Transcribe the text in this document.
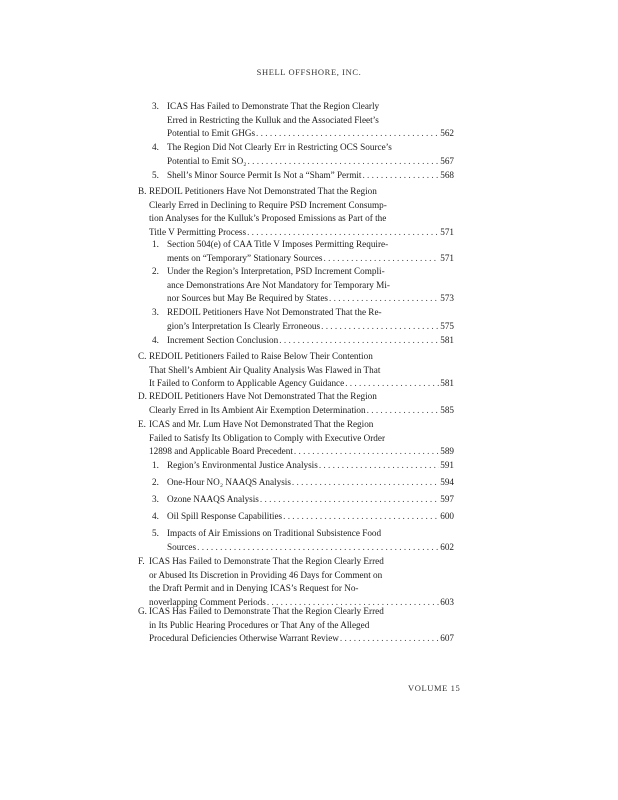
SHELL OFFSHORE, INC.
3. ICAS Has Failed to Demonstrate That the Region Clearly
Erred in Restricting the Kulluk and the Associated Fleet’s
Potential to Emit GHGs . . .	562
4. The Region Did Not Clearly Err in Restricting OCS Source’s
Potential to Emit SO₂ . . .	567
5. Shell’s Minor Source Permit Is Not a “Sham” Permit . . .	568
B. REDOIL Petitioners Have Not Demonstrated That the Region
Clearly Erred in Declining to Require PSD Increment Consump-
tion Analyses for the Kulluk’s Proposed Emissions as Part of the
Title V Permitting Process . . .	571
1. Section 504(e) of CAA Title V Imposes Permitting Require-
ments on “Temporary” Stationary Sources . . .	571
2. Under the Region’s Interpretation, PSD Increment Compli-
ance Demonstrations Are Not Mandatory for Temporary Mi-
nor Sources but May Be Required by States . . .	573
3. REDOIL Petitioners Have Not Demonstrated That the Re-
gion’s Interpretation Is Clearly Erroneous . . .	575
4. Increment Section Conclusion . . .	581
C. REDOIL Petitioners Failed to Raise Below Their Contention
That Shell’s Ambient Air Quality Analysis Was Flawed in That
It Failed to Conform to Applicable Agency Guidance . . .	581
D. REDOIL Petitioners Have Not Demonstrated That the Region
Clearly Erred in Its Ambient Air Exemption Determination . . .	585
E. ICAS and Mr. Lum Have Not Demonstrated That the Region
Failed to Satisfy Its Obligation to Comply with Executive Order
12898 and Applicable Board Precedent . . .	589
1. Region’s Environmental Justice Analysis . . .	591
2. One-Hour NO₂ NAAQS Analysis . . .	594
3. Ozone NAAQS Analysis . . .	597
4. Oil Spill Response Capabilities . . .	600
5. Impacts of Air Emissions on Traditional Subsistence Food
Sources . . .	602
F. ICAS Has Failed to Demonstrate That the Region Clearly Erred
or Abused Its Discretion in Providing 46 Days for Comment on
the Draft Permit and in Denying ICAS’s Request for No-
noverlapping Comment Periods . . .	603
G. ICAS Has Failed to Demonstrate That the Region Clearly Erred
in Its Public Hearing Procedures or That Any of the Alleged
Procedural Deficiencies Otherwise Warrant Review . . .	607
VOLUME 15
